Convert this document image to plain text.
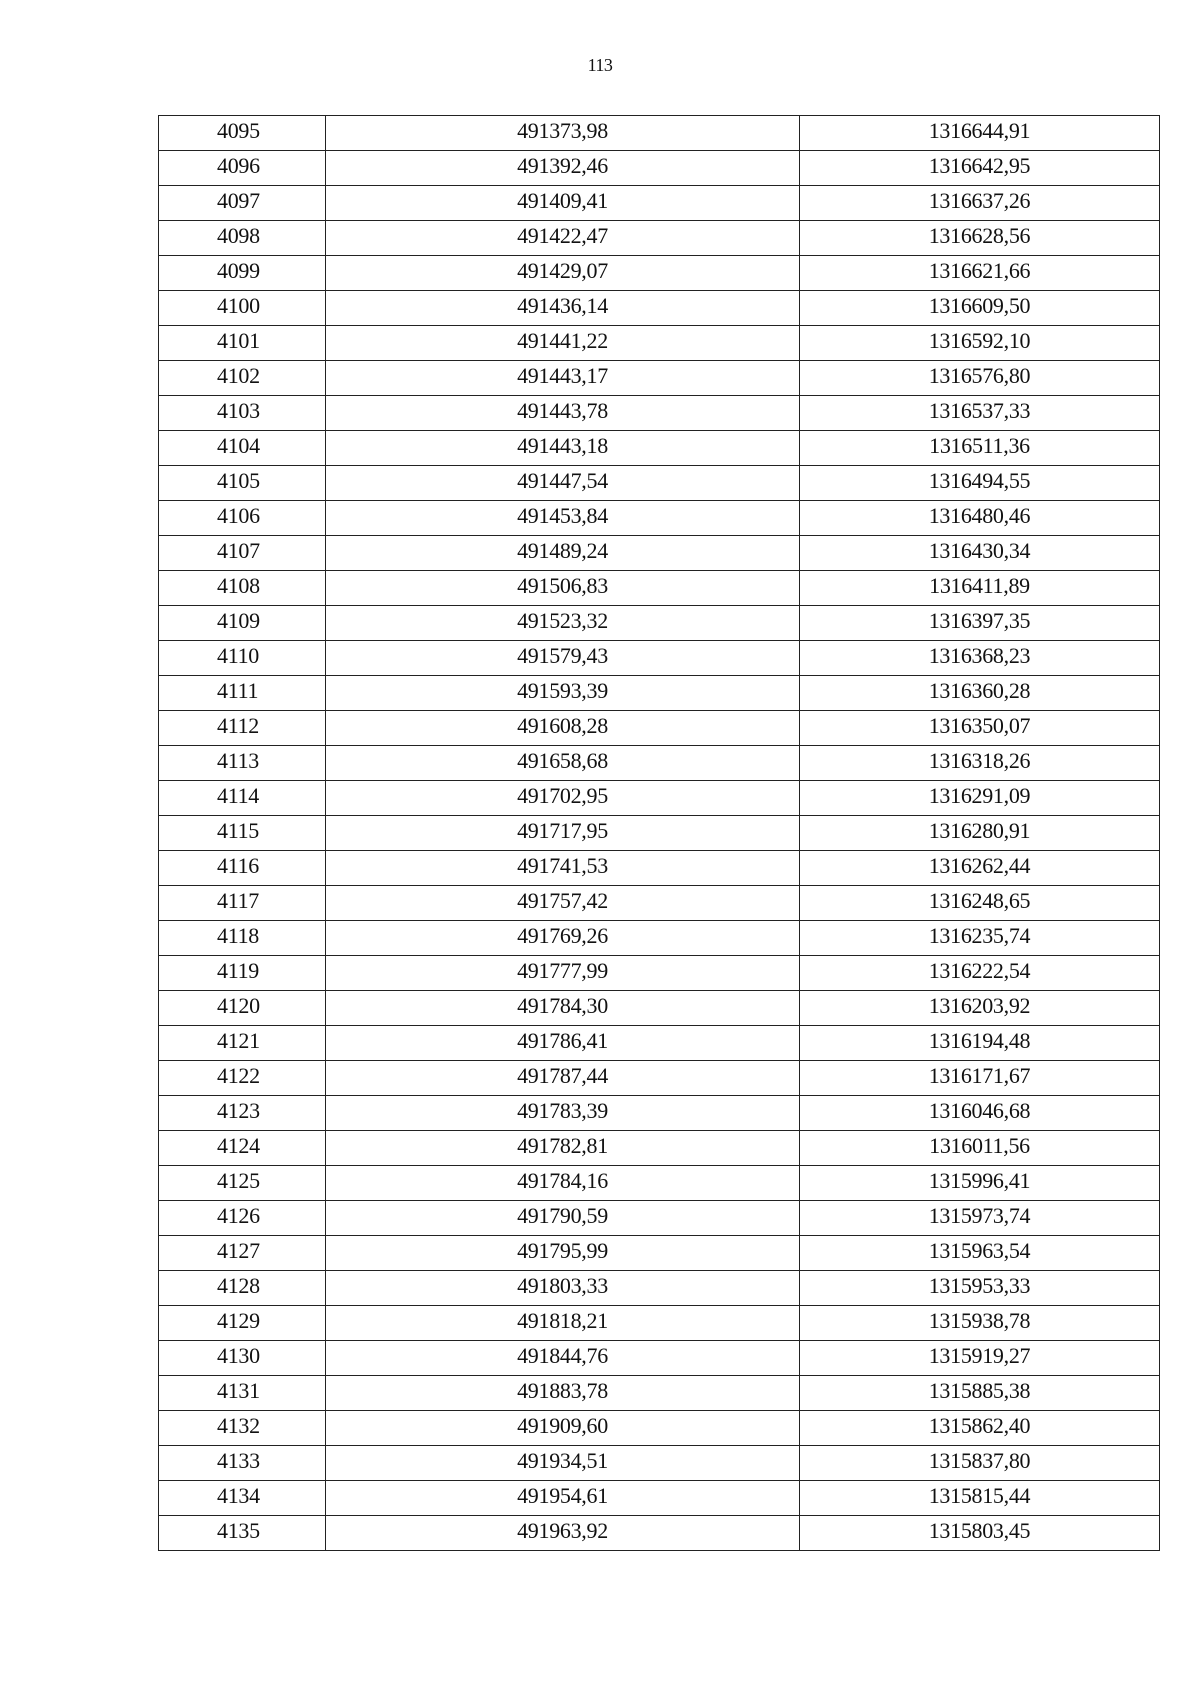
113
4095	491373,98	1316644,91
4096	491392,46	1316642,95
4097	491409,41	1316637,26
4098	491422,47	1316628,56
4099	491429,07	1316621,66
4100	491436,14	1316609,50
4101	491441,22	1316592,10
4102	491443,17	1316576,80
4103	491443,78	1316537,33
4104	491443,18	1316511,36
4105	491447,54	1316494,55
4106	491453,84	1316480,46
4107	491489,24	1316430,34
4108	491506,83	1316411,89
4109	491523,32	1316397,35
4110	491579,43	1316368,23
4111	491593,39	1316360,28
4112	491608,28	1316350,07
4113	491658,68	1316318,26
4114	491702,95	1316291,09
4115	491717,95	1316280,91
4116	491741,53	1316262,44
4117	491757,42	1316248,65
4118	491769,26	1316235,74
4119	491777,99	1316222,54
4120	491784,30	1316203,92
4121	491786,41	1316194,48
4122	491787,44	1316171,67
4123	491783,39	1316046,68
4124	491782,81	1316011,56
4125	491784,16	1315996,41
4126	491790,59	1315973,74
4127	491795,99	1315963,54
4128	491803,33	1315953,33
4129	491818,21	1315938,78
4130	491844,76	1315919,27
4131	491883,78	1315885,38
4132	491909,60	1315862,40
4133	491934,51	1315837,80
4134	491954,61	1315815,44
4135	491963,92	1315803,45
